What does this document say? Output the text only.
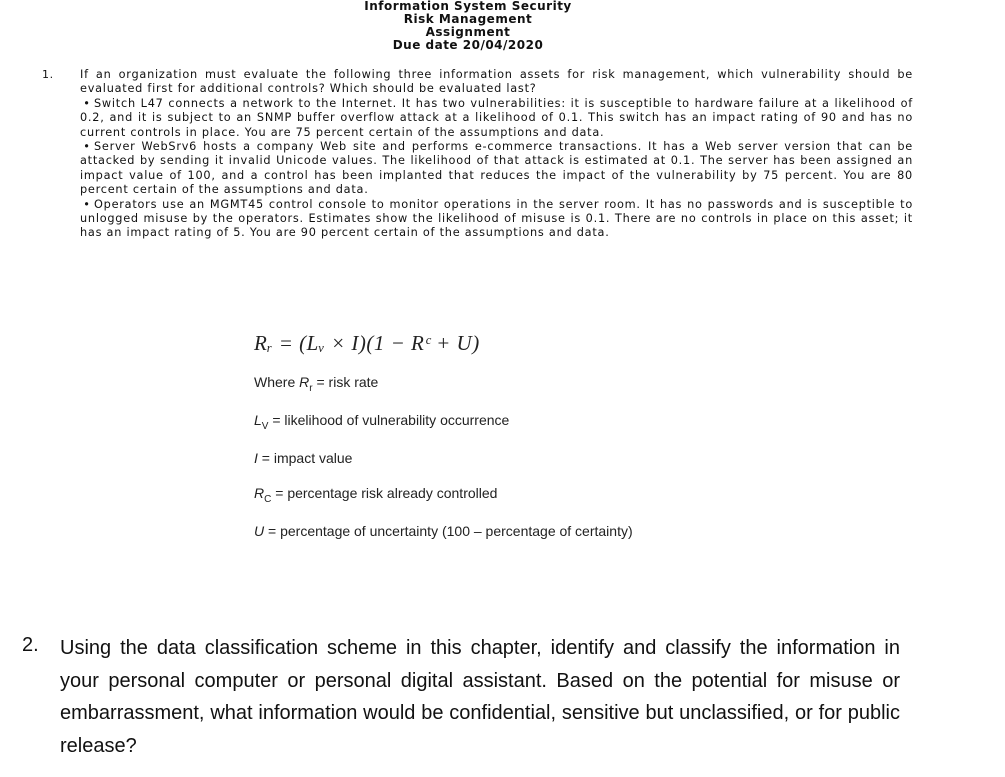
Information System Security
Risk Management
Assignment
Due date 20/04/2020
1. If an organization must evaluate the following three information assets for risk management, which vulnerability should be evaluated first for additional controls? Which should be evaluated last?

• Switch L47 connects a network to the Internet. It has two vulnerabilities: it is susceptible to hardware failure at a likelihood of 0.2, and it is subject to an SNMP buffer overflow attack at a likelihood of 0.1. This switch has an impact rating of 90 and has no current controls in place. You are 75 percent certain of the assumptions and data.

• Server WebSrv6 hosts a company Web site and performs e-commerce transactions. It has a Web server version that can be attacked by sending it invalid Unicode values. The likelihood of that attack is estimated at 0.1. The server has been assigned an impact value of 100, and a control has been implanted that reduces the impact of the vulnerability by 75 percent. You are 80 percent certain of the assumptions and data.

• Operators use an MGMT45 control console to monitor operations in the server room. It has no passwords and is susceptible to unlogged misuse by the operators. Estimates show the likelihood of misuse is 0.1. There are no controls in place on this asset; it has an impact rating of 5. You are 90 percent certain of the assumptions and data.

Rᵣ = (Lᵥ × I)(1 − Rᶜ + U)
Where $R_r$ = risk rate
$L_V$ = likelihood of vulnerability occurrence
I = impact value
$R_C$ = percentage risk already controlled
U = percentage of uncertainty (100 – percentage of certainty)
2. Using the data classification scheme in this chapter, identify and classify the information in your personal computer or personal digital assistant. Based on the potential for misuse or embarrassment, what information would be confidential, sensitive but unclassified, or for public release?
